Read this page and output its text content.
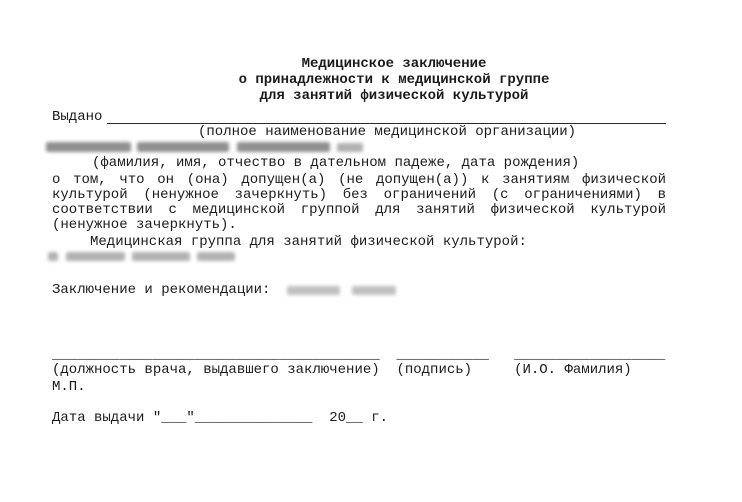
Медицинское заключение
о принадлежности к медицинской группе
для занятий физической культурой
Выдано
(полное наименование медицинской организации)
(фамилия, имя, отчество в дательном падеже, дата рождения)
о том, что он (она) допущен(а) (не допущен(а)) к занятиям физической
культурой (ненужное зачеркнуть) без ограничений (с ограничениями) в
соответствии с медицинской группой для занятий физической культурой
(ненужное зачеркнуть).
Медицинская группа для занятий физической культурой:
Заключение и рекомендации:
_______________________________________  ___________   __________________
(должность врача, выдавшего заключение)  (подпись)     (И.О. Фамилия)
М.П.
Дата выдачи "___"______________  20__ г.
